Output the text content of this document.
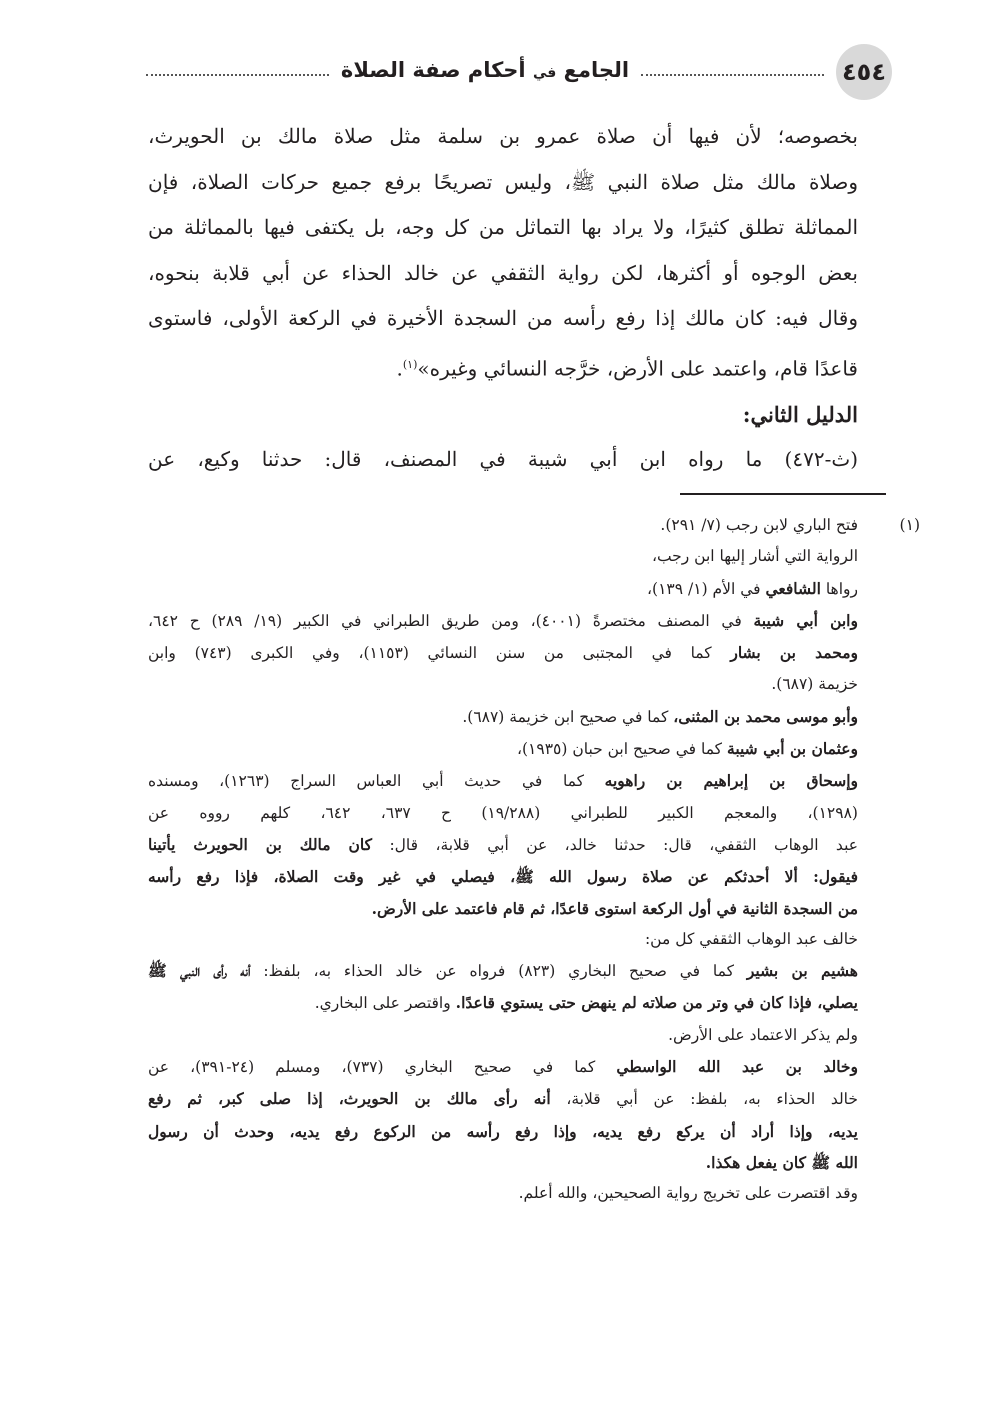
٤٥٤
الجامع في أحكام صفة الصلاة

بخصوصه؛ لأن فيها أن صلاة عمرو بن سلمة مثل صلاة مالك بن الحويرث،

وصلاة مالك مثل صلاة النبي ﷺ، وليس تصريحًا برفع جميع حركات الصلاة، فإن

المماثلة تطلق كثيرًا، ولا يراد بها التماثل من كل وجه، بل يكتفى فيها بالمماثلة من

بعض الوجوه أو أكثرها، لكن رواية الثقفي عن خالد الحذاء عن أبي قلابة بنحوه،

وقال فيه: كان مالك إذا رفع رأسه من السجدة الأخيرة في الركعة الأولى، فاستوى

قاعدًا قام، واعتمد على الأرض، خرَّجه النسائي وغيره»$^{(١)}$.

الدليل الثاني:

(ث-٤٧٢) ما رواه ابن أبي شيبة في المصنف، قال: حدثنا وكيع، عن

(١)
فتح الباري لابن رجب (٧/ ٢٩١).

الرواية التي أشار إليها ابن رجب،

رواها الشافعي في الأم (١/ ١٣٩)،

وابن أبي شيبة في المصنف مختصرةً (٤٠٠١)، ومن طريق الطبراني في الكبير (١٩/ ٢٨٩) ح ٦٤٢،

ومحمد بن بشار كما في المجتبى من سنن النسائي (١١٥٣)، وفي الكبرى (٧٤٣) وابن

خزيمة (٦٨٧).

وأبو موسى محمد بن المثنى، كما في صحيح ابن خزيمة (٦٨٧).

وعثمان بن أبي شيبة كما في صحيح ابن حبان (١٩٣٥)،

وإسحاق بن إبراهيم بن راهويه كما في حديث أبي العباس السراج (١٢٦٣)، ومسنده

(١٢٩٨)، والمعجم الكبير للطبراني (١٩/٢٨٨) ح ٦٣٧، ٦٤٢، كلهم رووه عن

عبد الوهاب الثقفي، قال: حدثنا خالد، عن أبي قلابة، قال: كان مالك بن الحويرث يأتينا

فيقول: ألا أحدثكم عن صلاة رسول الله ﷺ، فيصلي في غير وقت الصلاة، فإذا رفع رأسه

من السجدة الثانية في أول الركعة استوى قاعدًا، ثم قام فاعتمد على الأرض.

خالف عبد الوهاب الثقفي كل من:

هشيم بن بشير كما في صحيح البخاري (٨٢٣) فرواه عن خالد الحذاء به، بلفظ: أنه رأى النبي ﷺ

يصلي، فإذا كان في وتر من صلاته لم ينهض حتى يستوي قاعدًا. واقتصر على البخاري.

ولم يذكر الاعتماد على الأرض.

وخالد بن عبد الله الواسطي كما في صحيح البخاري (٧٣٧)، ومسلم (٢٤-٣٩١)، عن

خالد الحذاء به، بلفظ: عن أبي قلابة، أنه رأى مالك بن الحويرث، إذا صلى كبر، ثم رفع

يديه، وإذا أراد أن يركع رفع يديه، وإذا رفع رأسه من الركوع رفع يديه، وحدث أن رسول

الله ﷺ كان يفعل هكذا.

وقد اقتصرت على تخريج رواية الصحيحين، والله أعلم.
